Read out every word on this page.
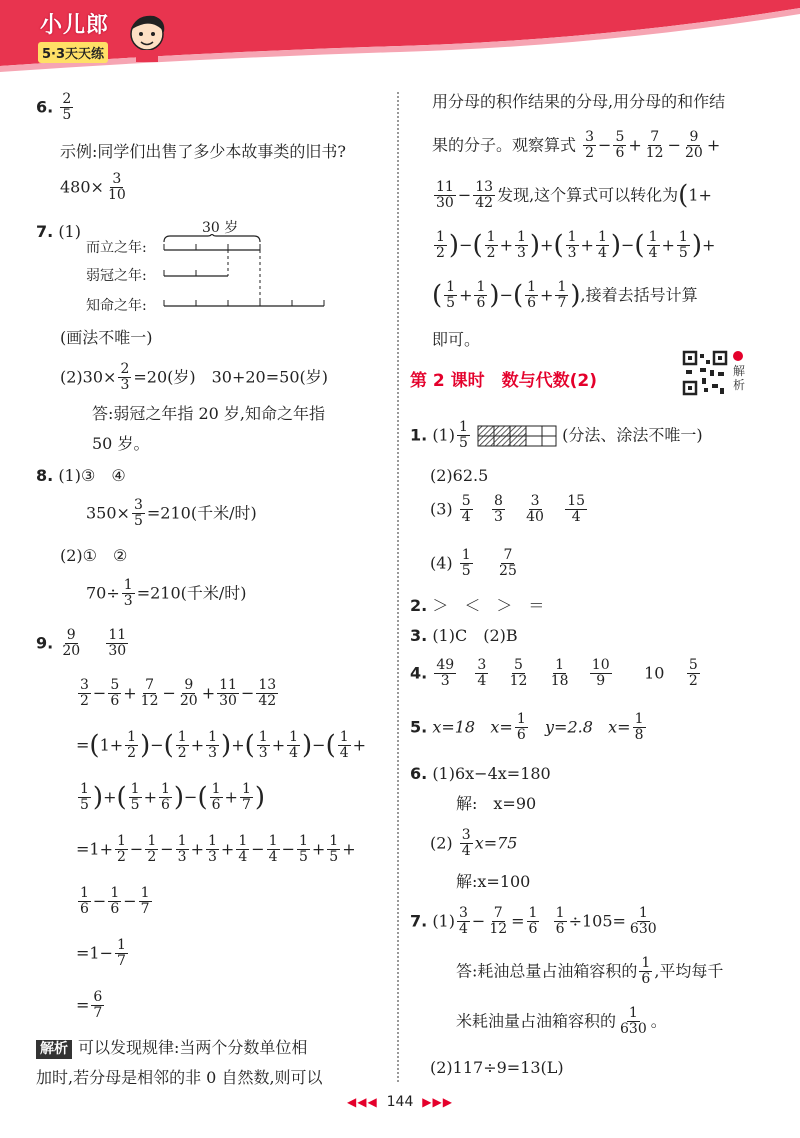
小儿郎
5·3天天练
6. $\frac{2}{5}$
示例:同学们出售了多少本故事类的旧书?
$480\times \frac{3}{10}$
7. (1)	30 岁
而立之年:
弱冠之年:
知命之年:
(画法不唯一)
$(2)30\times \frac{2}{3} =20$(岁)　30+20=50(岁)
答:弱冠之年指 20 岁,知命之年指
50 岁。
8. (1)③　④
$350\times \frac{3}{5} =210$(千米/时)
(2)①　②
$70\div \frac{1}{3} =210$(千米/时)
9. $\frac{9}{20}$
$\frac{11}{30}$
$\frac{3}{2} - \frac{5}{6} + \frac{7}{12} - \frac{9}{20} + \frac{11}{30} - \frac{13}{42}$
$=(1+ \frac{1}{2}$ )−( $\frac{1}{2} + \frac{1}{3}$ )+( $\frac{1}{3} + \frac{1}{4}$ )−( $\frac{1}{4}$ +
$\frac{1}{5}$ )+( $\frac{1}{5} + \frac{1}{6}$ )−( $\frac{1}{6} + \frac{1}{7}$ )
$=1+ \frac{1}{2} - \frac{1}{2} - \frac{1}{3} + \frac{1}{3} + \frac{1}{4} - \frac{1}{4} - \frac{1}{5} + \frac{1}{5}$ +
$\frac{1}{6} - \frac{1}{6} - \frac{1}{7}$
$=1- \frac{1}{7}$
= $\frac{6}{7}$
解析 可以发现规律:当两个分数单位相
加时,若分母是相邻的非 0 自然数,则可以
用分母的积作结果的分母,用分母的和作结
果的分子。观察算式 $\frac{3}{2} - \frac{5}{6} + \frac{7}{12} - \frac{9}{20}$ +
$\frac{11}{30} - \frac{13}{42}$ 发现,这个算式可以转化为(1+
$\frac{1}{2}$ )−( $\frac{1}{2} + \frac{1}{3}$ )+( $\frac{1}{3} + \frac{1}{4}$ )−( $\frac{1}{4} + \frac{1}{5}$ )+
( $\frac{1}{5} + \frac{1}{6}$ )−( $\frac{1}{6} + \frac{1}{7}$ ),接着去括号计算
即可。
第 2 课时　数与代数(2)
1. $(1) \frac{1}{5}$	(分法、涂法不唯一)
(2)62.5
$(3) \frac{5}{4}$
$\frac{8}{3}$
$\frac{3}{40}$
$\frac{15}{4}$
$(4) \frac{1}{5}$
$\frac{7}{25}$
2. ＞　＜　＞　＝
3. (1)C　(2)B
4. $\frac{49}{3}$
$\frac{3}{4}$
$\frac{5}{12}$
$\frac{1}{18}$
$\frac{10}{9} 10 \frac{5}{2}$
5. x=18 $x= \frac{1}{6} y=2.8$ $x= \frac{1}{8}$
6. (1)6x−4x=180
解:　x=90
$(2) \frac{3}{4} x=75$
解:x=100
7. $(1) \frac{3}{4} - \frac{7}{12} = \frac{1}{6}$
$\frac{1}{6} \div 105= \frac{1}{630}$
答:耗油总量占油箱容积的 $\frac{1}{6}$ ,平均每千
米耗油量占油箱容积的 $\frac{1}{630}$ 。
(2)117÷9=13(L)
解析
◀◀◀ 144 ▶▶▶
